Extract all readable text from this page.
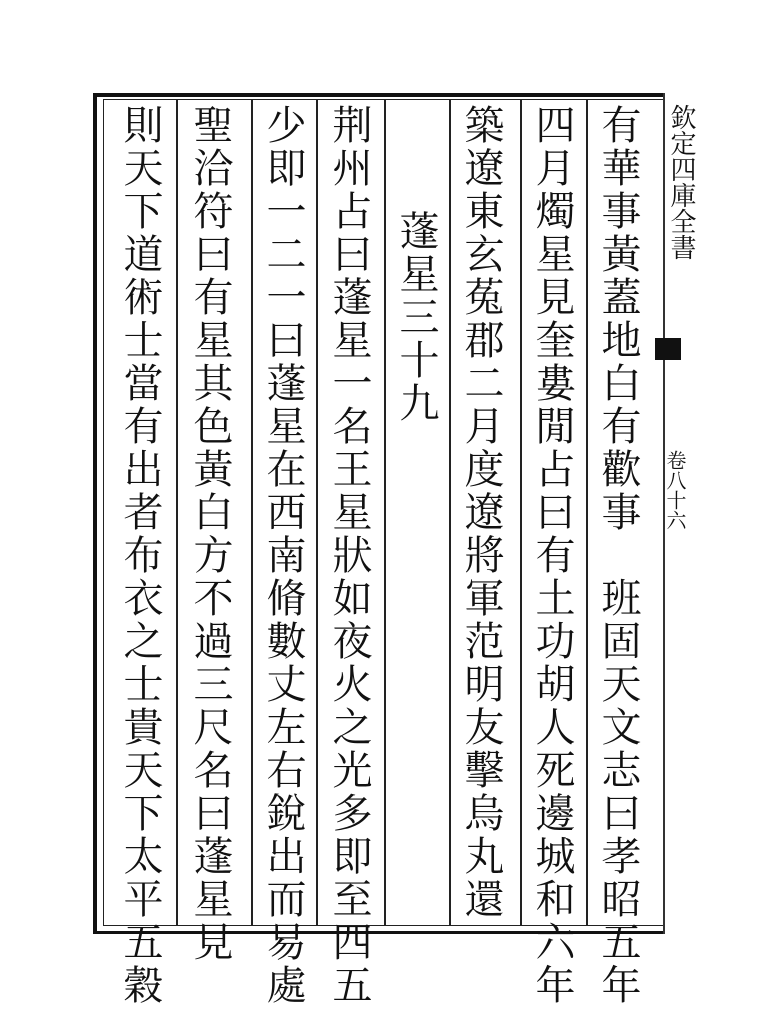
欽定四庫全書
卷八十六
有華事黃蓋地白有歡事　班固天文志曰孝昭五年
四月燭星見奎婁閒占曰有土功胡人死邊城和六年
築遼東玄菟郡二月度遼將軍范明友擊烏丸還
蓬星三十九
荆州占曰蓬星一名王星狀如夜火之光多即至四五
少即一二一曰蓬星在西南脩數丈左右銳出而易處
聖洽符曰有星其色黃白方不過三尺名曰蓬星見
則天下道術士當有出者布衣之士貴天下太平五穀
